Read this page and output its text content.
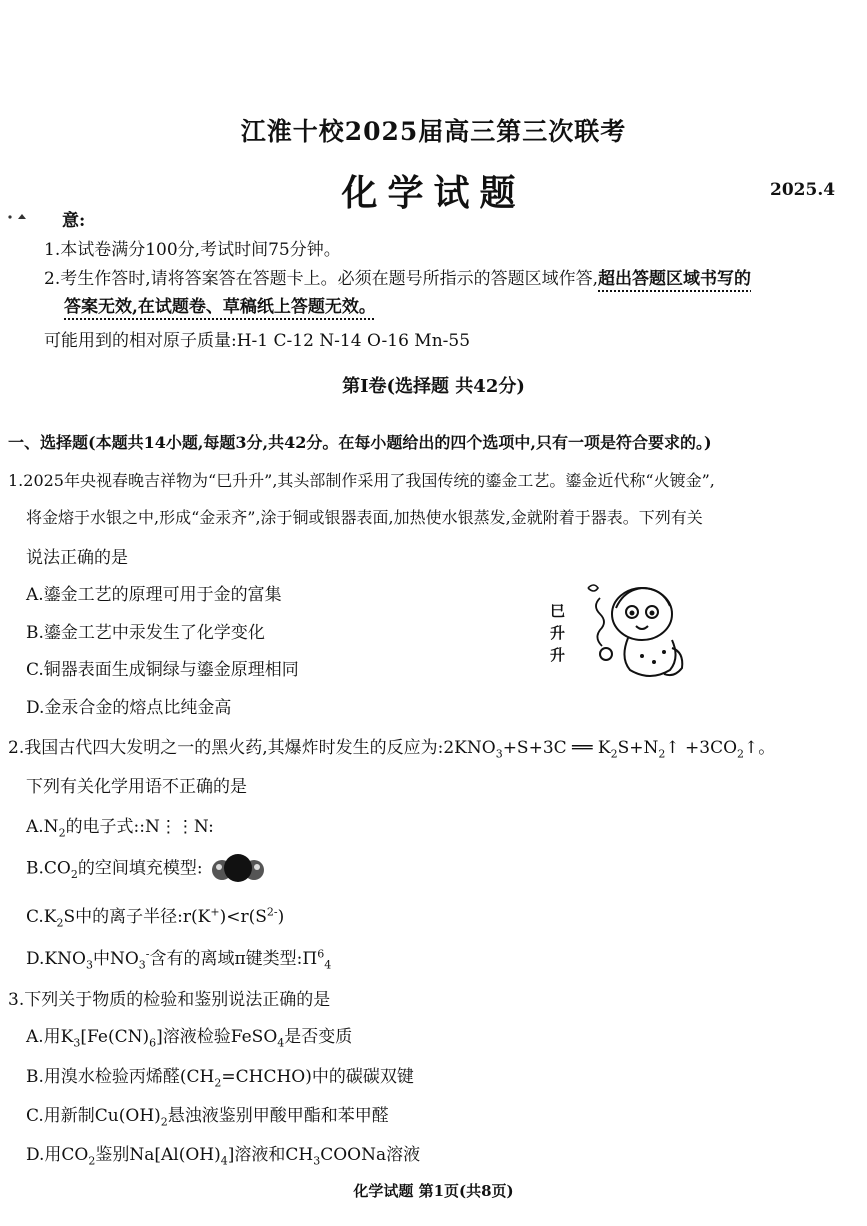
江淮十校2025届高三第三次联考
化学试题	2025.4
意:
1.本试卷满分100分,考试时间75分钟。
2.考生作答时,请将答案答在答题卡上。必须在题号所指示的答题区域作答,超出答题区域书写的
答案无效,在试题卷、草稿纸上答题无效。
可能用到的相对原子质量:H-1 C-12 N-14 O-16 Mn-55
第I卷(选择题 共42分)
一、选择题(本题共14小题,每题3分,共42分。在每小题给出的四个选项中,只有一项是符合要求的。)
1.2025年央视春晚吉祥物为“巳升升”,其头部制作采用了我国传统的鎏金工艺。鎏金近代称“火镀金”,
将金熔于水银之中,形成“金汞齐”,涂于铜或银器表面,加热使水银蒸发,金就附着于器表。下列有关
说法正确的是
A.鎏金工艺的原理可用于金的富集
B.鎏金工艺中汞发生了化学变化
C.铜器表面生成铜绿与鎏金原理相同
D.金汞合金的熔点比纯金高
巳升升
2.我国古代四大发明之一的黑火药,其爆炸时发生的反应为$:2KNO_3+S+3C$ ══ $K_2S+N_2↑$ $+3CO_2↑$。
下列有关化学用语不正确的是
$A.N_2$的电子式::N⋮⋮N:
$B.CO_2$的空间填充模型:
$C.K_2S$中的离子半径$:r(K^+)<r(S^{2-})$
$D.KNO_3$中$NO_3^-$含有的离域π键类型$:\Pi^6_4$
3.下列关于物质的检验和鉴别说法正确的是
A.用$K_3[Fe(CN)_6]$溶液检验FeSO$_4$是否变质
B.用溴水检验丙烯醛$(CH_2=CHCHO)$中的碳碳双键
C.用新制$Cu(OH)_2$悬浊液鉴别甲酸甲酯和苯甲醛
D.用$CO_2$鉴别$Na[Al(OH)_4]$溶液和$CH_3COONa$溶液
化学试题 第1页(共8页)
